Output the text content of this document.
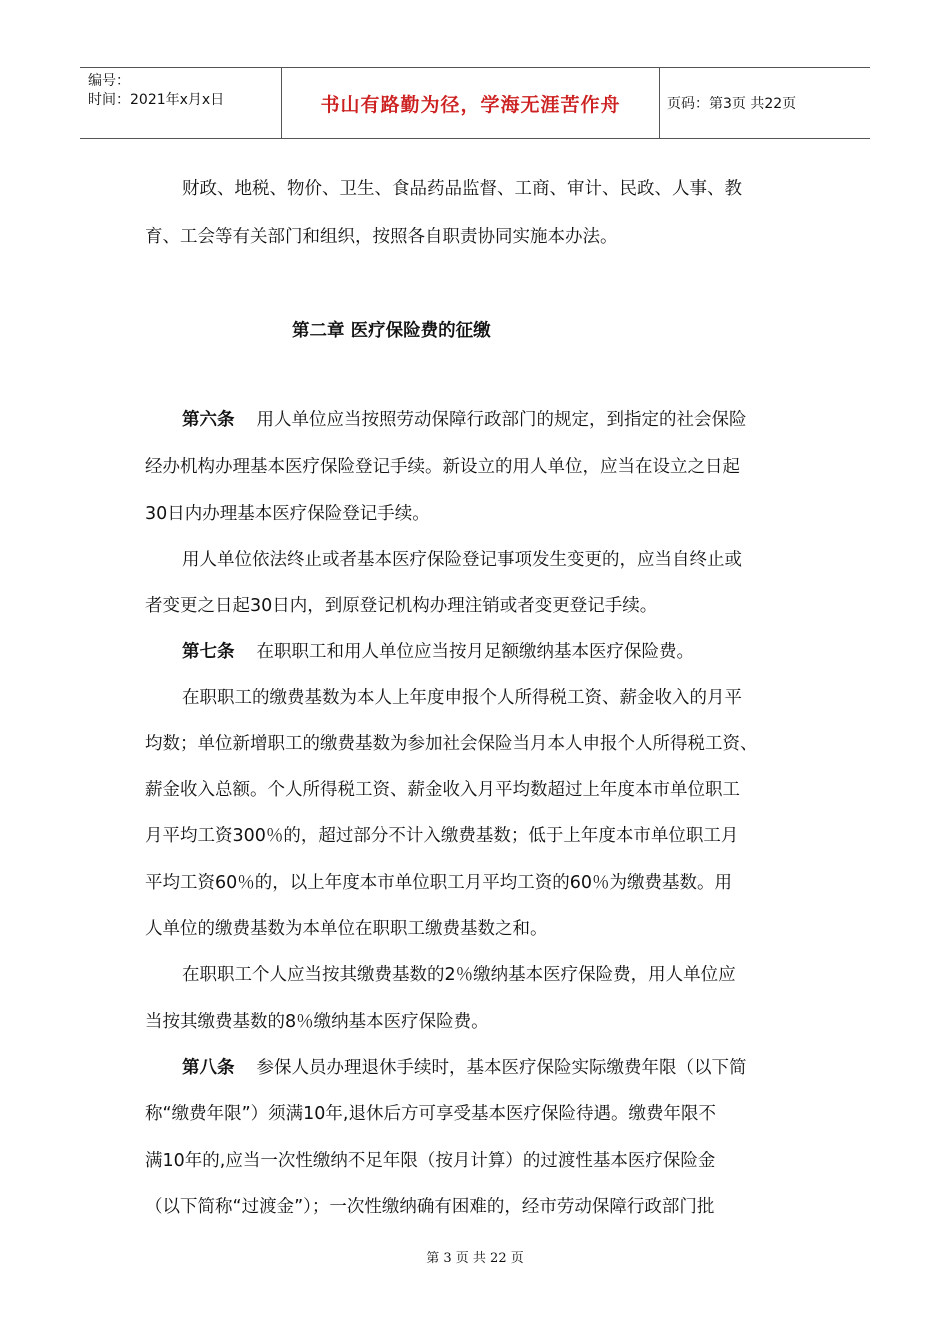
编号：
时间：2021年x月x日	书山有路勤为径，学海无涯苦作舟	页码：第3页 共22页
财政、地税、物价、卫生、食品药品监督、工商、审计、民政、人事、教
育、工会等有关部门和组织，按照各自职责协同实施本办法。
第二章 医疗保险费的征缴
第六条 用人单位应当按照劳动保障行政部门的规定，到指定的社会保险
经办机构办理基本医疗保险登记手续。新设立的用人单位，应当在设立之日起
30日内办理基本医疗保险登记手续。
用人单位依法终止或者基本医疗保险登记事项发生变更的，应当自终止或
者变更之日起30日内，到原登记机构办理注销或者变更登记手续。
第七条 在职职工和用人单位应当按月足额缴纳基本医疗保险费。
在职职工的缴费基数为本人上年度申报个人所得税工资、薪金收入的月平
均数；单位新增职工的缴费基数为参加社会保险当月本人申报个人所得税工资、
薪金收入总额。个人所得税工资、薪金收入月平均数超过上年度本市单位职工
月平均工资300％的，超过部分不计入缴费基数；低于上年度本市单位职工月
平均工资60％的，以上年度本市单位职工月平均工资的60％为缴费基数。用
人单位的缴费基数为本单位在职职工缴费基数之和。
在职职工个人应当按其缴费基数的2％缴纳基本医疗保险费，用人单位应
当按其缴费基数的8％缴纳基本医疗保险费。
第八条 参保人员办理退休手续时，基本医疗保险实际缴费年限（以下简
称“缴费年限”）须满10年,退休后方可享受基本医疗保险待遇。缴费年限不
满10年的,应当一次性缴纳不足年限（按月计算）的过渡性基本医疗保险金
（以下简称“过渡金”）；一次性缴纳确有困难的，经市劳动保障行政部门批
第 3 页 共 22 页
